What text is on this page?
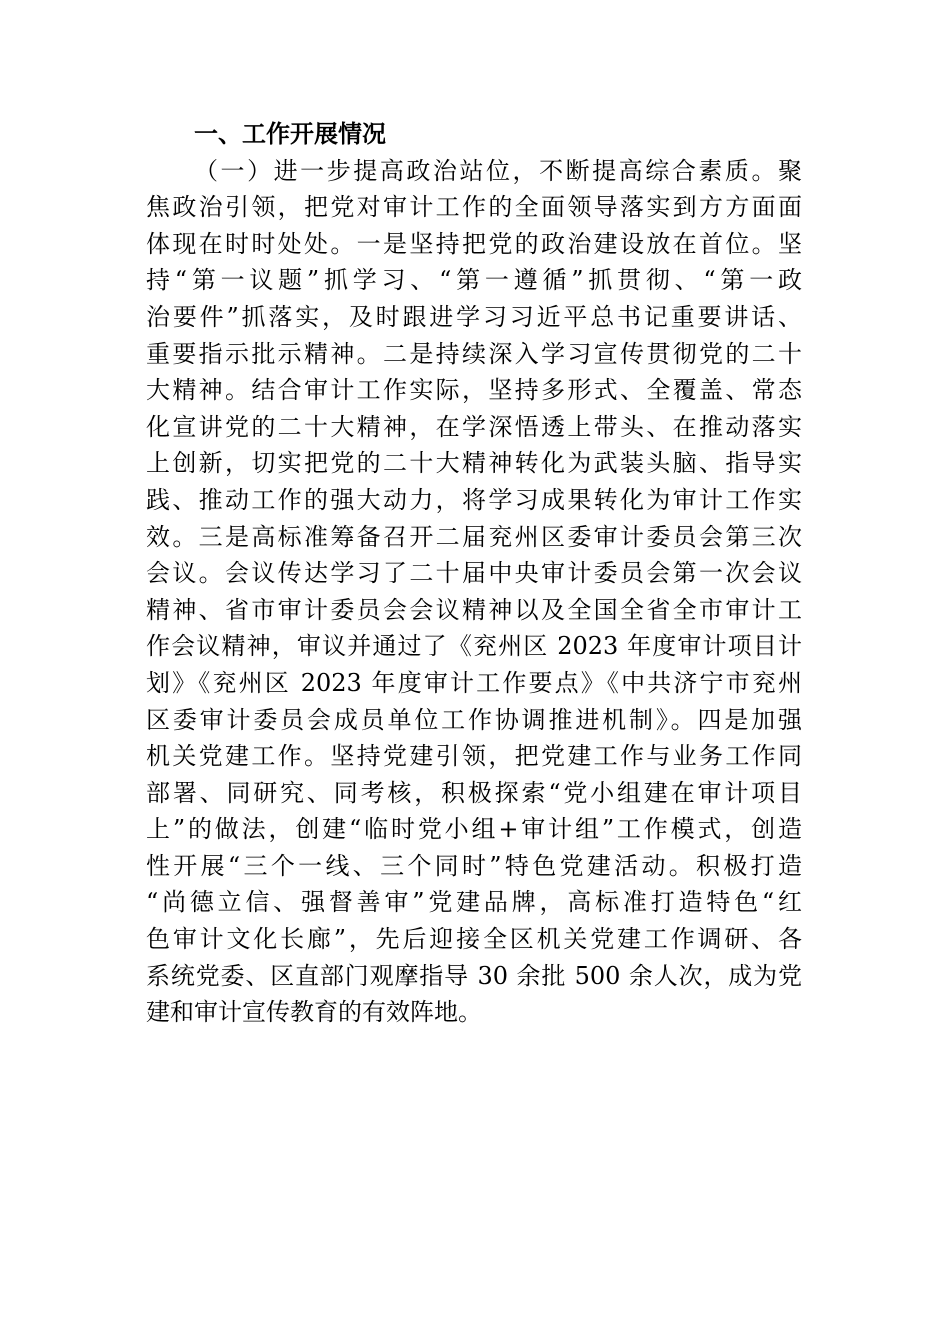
一、工作开展情况
（一）进一步提高政治站位，不断提高综合素质。聚
焦政治引领，把党对审计工作的全面领导落实到方方面面
体现在时时处处。一是坚持把党的政治建设放在首位。坚
持“第一议题”抓学习、“第一遵循”抓贯彻、“第一政
治要件”抓落实，及时跟进学习习近平总书记重要讲话、
重要指示批示精神。二是持续深入学习宣传贯彻党的二十
大精神。结合审计工作实际，坚持多形式、全覆盖、常态
化宣讲党的二十大精神，在学深悟透上带头、在推动落实
上创新，切实把党的二十大精神转化为武装头脑、指导实
践、推动工作的强大动力，将学习成果转化为审计工作实
效。三是高标准筹备召开二届兖州区委审计委员会第三次
会议。会议传达学习了二十届中央审计委员会第一次会议
精神、省市审计委员会会议精神以及全国全省全市审计工
作会议精神，审议并通过了《兖州区 2023 年度审计项目计
划》《兖州区 2023 年度审计工作要点》《中共济宁市兖州
区委审计委员会成员单位工作协调推进机制》。四是加强
机关党建工作。坚持党建引领，把党建工作与业务工作同
部署、同研究、同考核，积极探索“党小组建在审计项目
上”的做法，创建“临时党小组+审计组”工作模式，创造
性开展“三个一线、三个同时”特色党建活动。积极打造
“尚德立信、强督善审”党建品牌，高标准打造特色“红
色审计文化长廊”，先后迎接全区机关党建工作调研、各
系统党委、区直部门观摩指导 30 余批 500 余人次，成为党
建和审计宣传教育的有效阵地。
